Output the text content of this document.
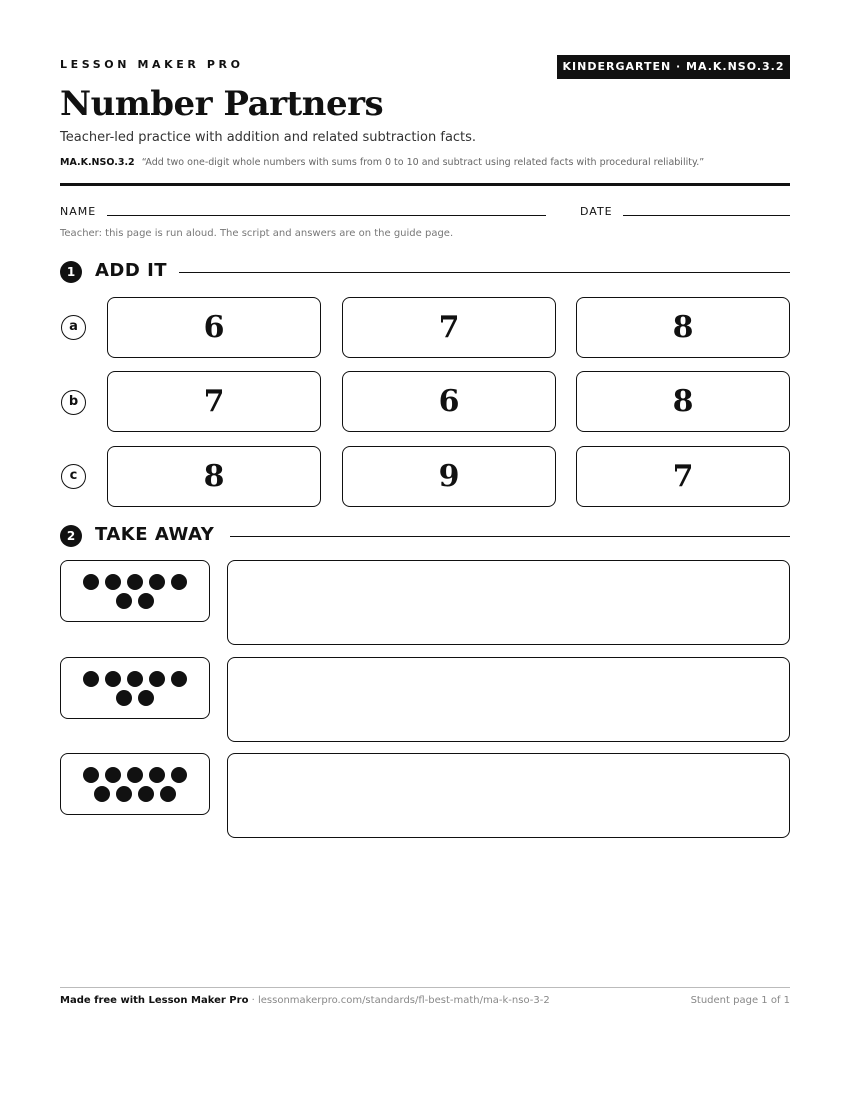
LESSON MAKER PRO	KINDERGARTEN · MA.K.NSO.3.2
Number Partners
Teacher-led practice with addition and related subtraction facts.
MA.K.NSO.3.2 “Add two one-digit whole numbers with sums from 0 to 10 and subtract using related facts with procedural reliability.”
NAME	DATE
Teacher: this page is run aloud. The script and answers are on the guide page.
1	ADD IT
a	6	7	8
b	7	6	8
c	8	9	7
2	TAKE AWAY
Made free with Lesson Maker Pro · lessonmakerpro.com/standards/fl-best-math/ma-k-nso-3-2	Student page 1 of 1
